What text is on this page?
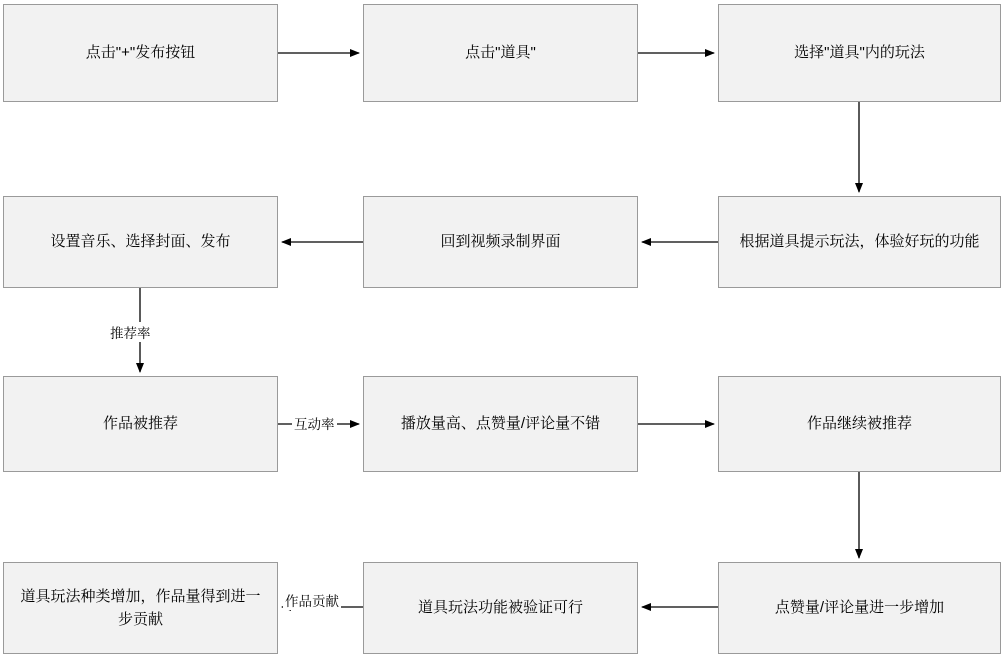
点击"+"发布按钮	点击"道具"	选择"道具"内的玩法
根据道具提示玩法，体验好玩的功能
回到视频录制界面
设置音乐、选择封面、发布
作品被推荐	播放量高、点赞量/评论量不错	作品继续被推荐
点赞量/评论量进一步增加
道具玩法功能被验证可行
道具玩法种类增加，作品量得到进一步贡献
推荐率
互动率
作品贡献
